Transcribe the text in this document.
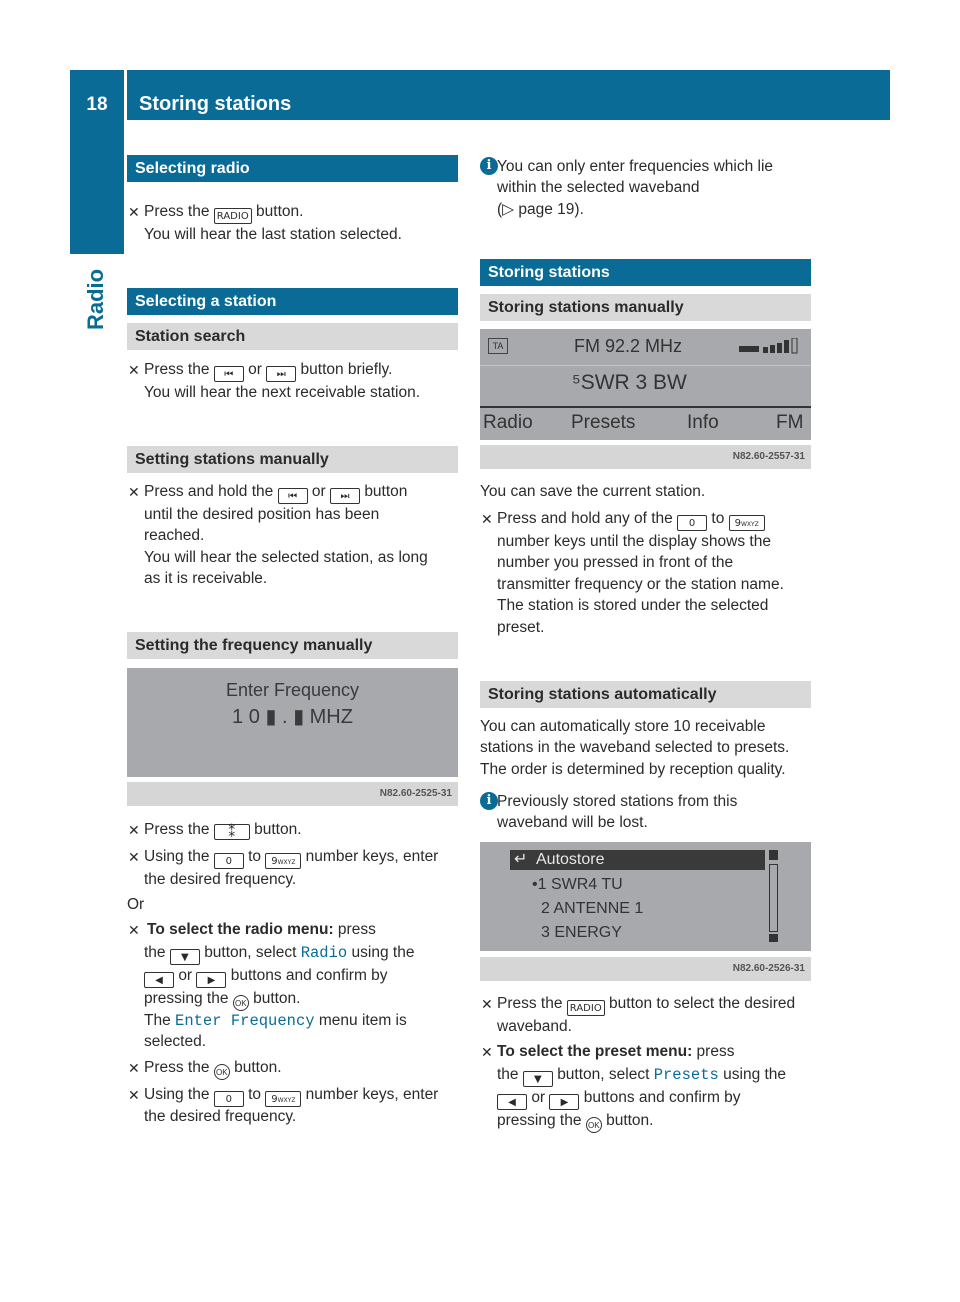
18	Storing stations
Radio
Selecting radio
✕ Press the RADIO button.
You will hear the last station selected.
Selecting a station
Station search
✕ Press the ⏮ or ⏭ button briefly.
You will hear the next receivable station.
Setting stations manually
✕ Press and hold the ⏮ or ⏭ button
until the desired position has been
reached.
You will hear the selected station, as long
as it is receivable.
Setting the frequency manually
Enter Frequency
1 0 ▮ . ▮ MHZ
N82.60-2525-31
✕ Press the ⁑ button.
✕ Using the 0 to 9WXYZ number keys, enter
the desired frequency.
Or
✕ To select the radio menu: press
the ▼ button, select Radio using the
◀ or ▶ buttons and confirm by
pressing the OK button.
The Enter Frequency menu item is
selected.
✕ Press the OK button.
✕ Using the 0 to 9WXYZ number keys, enter
the desired frequency.
i You can only enter frequencies which lie
within the selected waveband
(▷ page 19).
Storing stations
Storing stations manually
TA	FM 92.2 MHz
⁵SWR 3 BW
Radio Presets	Info	FM
N82.60-2557-31
You can save the current station.
✕ Press and hold any of the 0 to 9WXYZ
number keys until the display shows the
number you pressed in front of the
transmitter frequency or the station name.
The station is stored under the selected
preset.
Storing stations automatically
You can automatically store 10 receivable
stations in the waveband selected to presets.
The order is determined by reception quality.
i Previously stored stations from this
waveband will be lost.
↵ Autostore
•1 SWR4 TU
2 ANTENNE 1
3 ENERGY
N82.60-2526-31
✕ Press the RADIO button to select the desired
waveband.
✕ To select the preset menu: press
the ▼ button, select Presets using the
◀ or ▶ buttons and confirm by
pressing the OK button.
